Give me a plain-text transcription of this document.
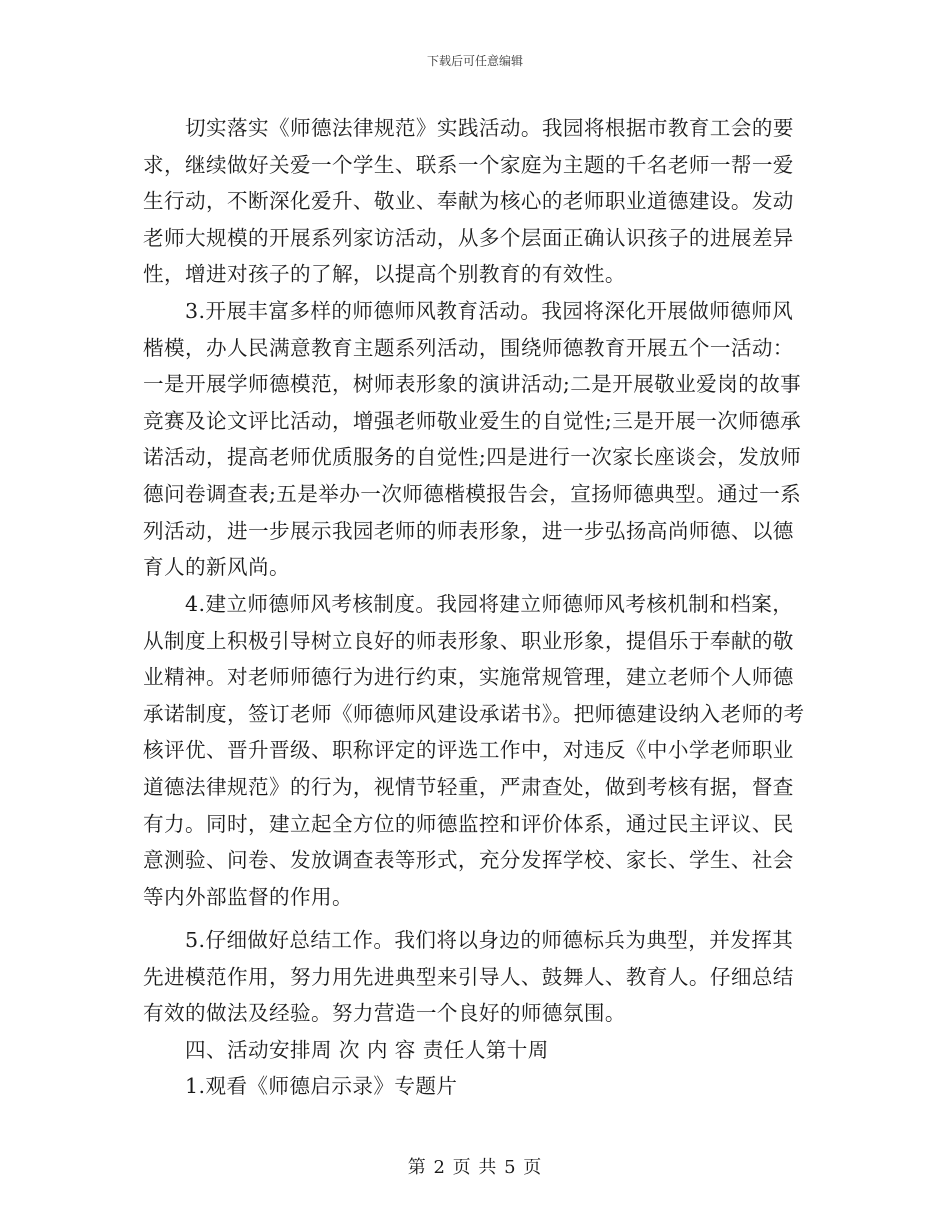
下载后可任意编辑

切实落实《师德法律规范》实践活动。我园将根据市教育工会的要求，继续做好关爱一个学生、联系一个家庭为主题的千名老师一帮一爱生行动，不断深化爱升、敬业、奉献为核心的老师职业道德建设。发动老师大规模的开展系列家访活动，从多个层面正确认识孩子的进展差异性，增进对孩子的了解，以提高个别教育的有效性。

3.开展丰富多样的师德师风教育活动。我园将深化开展做师德师风楷模，办人民满意教育主题系列活动，围绕师德教育开展五个一活动：一是开展学师德模范，树师表形象的演讲活动;二是开展敬业爱岗的故事竞赛及论文评比活动，增强老师敬业爱生的自觉性;三是开展一次师德承诺活动，提高老师优质服务的自觉性;四是进行一次家长座谈会，发放师德问卷调查表;五是举办一次师德楷模报告会，宣扬师德典型。通过一系列活动，进一步展示我园老师的师表形象，进一步弘扬高尚师德、以德育人的新风尚。

4.建立师德师风考核制度。我园将建立师德师风考核机制和档案，从制度上积极引导树立良好的师表形象、职业形象，提倡乐于奉献的敬业精神。对老师师德行为进行约束，实施常规管理，建立老师个人师德承诺制度，签订老师《师德师风建设承诺书》。把师德建设纳入老师的考核评优、晋升晋级、职称评定的评选工作中，对违反《中小学老师职业道德法律规范》的行为，视情节轻重，严肃查处，做到考核有据，督查有力。同时，建立起全方位的师德监控和评价体系，通过民主评议、民意测验、问卷、发放调查表等形式，充分发挥学校、家长、学生、社会等内外部监督的作用。

5.仔细做好总结工作。我们将以身边的师德标兵为典型，并发挥其先进模范作用，努力用先进典型来引导人、鼓舞人、教育人。仔细总结有效的做法及经验。努力营造一个良好的师德氛围。

四、活动安排周 次 内 容 责任人第十周

1.观看《师德启示录》专题片

第 2 页 共 5 页
